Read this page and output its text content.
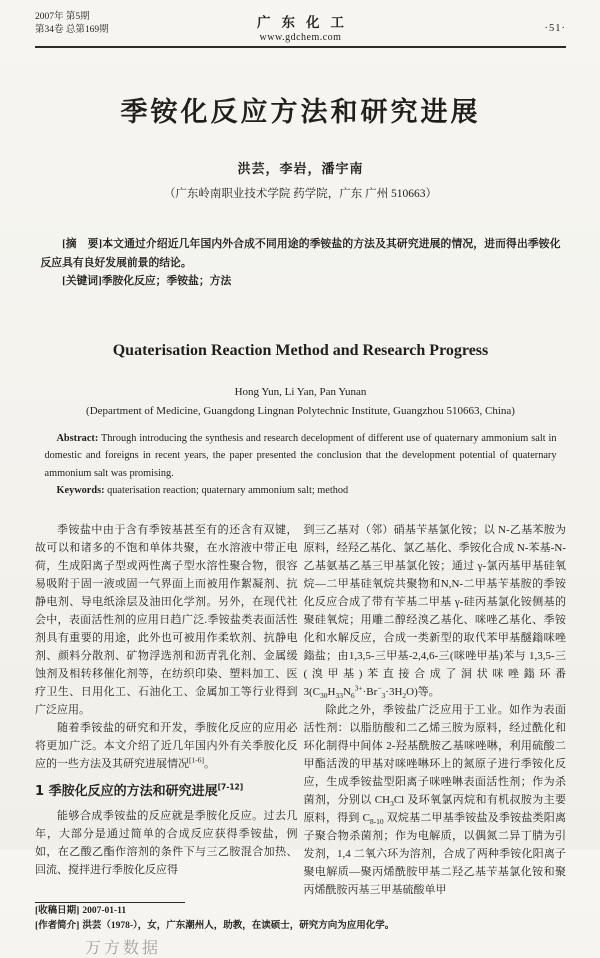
2007年 第5期
第34卷 总第169期	广东化工
www.gdchem.com
·51·
季铵化反应方法和研究进展
洪芸，李岩，潘宇南
（广东岭南职业技术学院 药学院，广东 广州 510663）

[摘　要]本文通过介绍近几年国内外合成不同用途的季铵盐的方法及其研究进展的情况，进而得出季铵化反应具有良好发展前景的结论。

[关键词]季胺化反应；季铵盐；方法

Quaterisation Reaction Method and Research Progress
Hong Yun, Li Yan, Pan Yunan
(Department of Medicine, Guangdong Lingnan Polytechnic Institute, Guangzhou 510663, China)

Abstract: Through introducing the synthesis and research decelopment of different use of quaternary ammonium salt in domestic and foreigns in recent years, the paper presented the conclusion that the development potential of quaternary ammonium salt was promising.

Keywords: quaterisation reaction; quaternary ammonium salt; method

季铵盐中由于含有季铵基甚至有的还含有双键，故可以和诸多的不饱和单体共聚，在水溶液中带正电荷，生成阳离子型或两性离子型水溶性聚合物，很容易吸附于固一液或固一气界面上而被用作絮凝剂、抗静电剂、导电纸涂层及油田化学剂。另外，在现代社会中，表面活性剂的应用日趋广泛.季铵盐类表面活性剂具有重要的用途，此外也可被用作柔软剂、抗静电剂、颜料分散剂、矿物浮选剂和沥青乳化剂、金属缓蚀剂及相转移催化剂等，在纺织印染、塑料加工、医疗卫生、日用化工、石油化工、金属加工等行业得到广泛应用。

随着季铵盐的研究和开发，季胺化反应的应用必将更加广泛。本文介绍了近几年国内外有关季胺化反应的一些方法及其研究进展情况[1-6]。

1 季胺化反应的方法和研究进展[7-12]

能够合成季铵盐的反应就是季胺化反应。过去几年，大部分是通过简单的合成反应获得季铵盐，例如，在乙酸乙酯作溶剂的条件下与三乙胺混合加热、回流、搅拌进行季胺化反应得

到三乙基对（邻）硝基苄基氯化铵；以 N-乙基苯胺为原料，经羟乙基化、氯乙基化、季铵化合成 N-苯基-N-乙基氨基乙基三甲基氯化铵；通过 γ-氯丙基甲基硅氧烷—二甲基硅氧烷共聚物和N,N-二甲基苄基胺的季铵化反应合成了带有苄基二甲基 γ-硅丙基氯化铵侧基的聚硅氧烷；用雕二醇经溴乙基化、咪唑乙基化、季铵化和水解反应，合成一类新型的取代苯甲基醚鎓咪唑鎓盐；由1,3,5-三甲基-2,4,6-三(咪唑甲基)苯与 1,3,5-三(溴甲基)苯直接合成了洞状咪唑鎓环番 $3(C_{30}H_{33}N_6^{3+}\cdot Br^-_3\cdot 3H_2O)$等。

除此之外，季铵盐广泛应用于工业。如作为表面活性剂：以脂肪酸和二乙烯三胺为原料，经过酰化和环化制得中间体 2-羟基酰胺乙基咪唑啉，利用硫酸二甲酯活泼的甲基对咪唑啉环上的氮原子进行季铵化反应，生成季铵盐型阳离子咪唑啉表面活性剂；作为杀菌剂，分别以 $CH_3Cl$ 及环氧氯丙烷和有机叔胺为主要原料，得到 $C_{8-10}$ 双烷基二甲基季铵盐及季铵盐类阳离子聚合物杀菌剂；作为电解质，以偶氮二异丁腈为引发剂，1,4 二氧六环为溶剂，合成了两种季铵化阳离子聚电解质—聚丙烯酰胺甲基二羟乙基苄基氯化铵和聚丙烯酰胺丙基三甲基硫酸单甲

[收稿日期] 2007-01-11
[作者简介] 洪芸（1978-），女，广东潮州人，助教，在读硕士，研究方向为应用化学。
万方数据
